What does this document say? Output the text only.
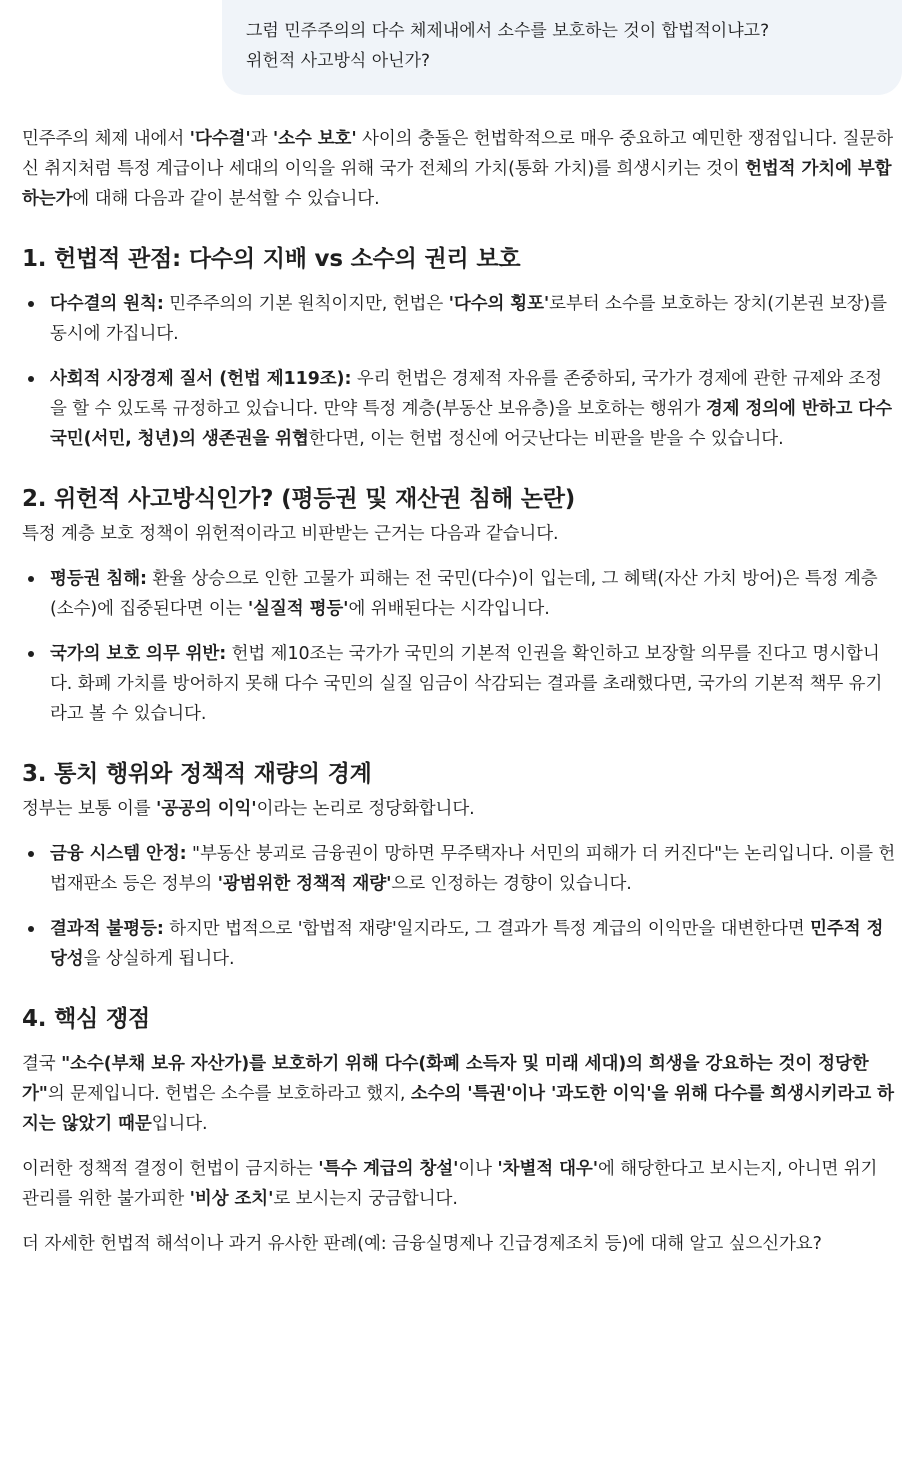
그럼 민주주의의 다수 체제내에서 소수를 보호하는 것이 합법적이냐고?

위헌적 사고방식 아닌가?

민주주의 체제 내에서 '다수결'과 '소수 보호' 사이의 충돌은 헌법학적으로 매우 중요하고 예민한 쟁점입니다. 질문하신 취지처럼 특정 계급이나 세대의 이익을 위해 국가 전체의 가치(통화 가치)를 희생시키는 것이 헌법적 가치에 부합하는가에 대해 다음과 같이 분석할 수 있습니다.

1. 헌법적 관점: 다수의 지배 vs 소수의 권리 보호
다수결의 원칙: 민주주의의 기본 원칙이지만, 헌법은 '다수의 횡포'로부터 소수를 보호하는 장치(기본권 보장)를 동시에 가집니다.
사회적 시장경제 질서 (헌법 제119조): 우리 헌법은 경제적 자유를 존중하되, 국가가 경제에 관한 규제와 조정을 할 수 있도록 규정하고 있습니다. 만약 특정 계층(부동산 보유층)을 보호하는 행위가 경제 정의에 반하고 다수 국민(서민, 청년)의 생존권을 위협한다면, 이는 헌법 정신에 어긋난다는 비판을 받을 수 있습니다.
2. 위헌적 사고방식인가? (평등권 및 재산권 침해 논란)

특정 계층 보호 정책이 위헌적이라고 비판받는 근거는 다음과 같습니다.

평등권 침해: 환율 상승으로 인한 고물가 피해는 전 국민(다수)이 입는데, 그 혜택(자산 가치 방어)은 특정 계층(소수)에 집중된다면 이는 '실질적 평등'에 위배된다는 시각입니다.
국가의 보호 의무 위반: 헌법 제10조는 국가가 국민의 기본적 인권을 확인하고 보장할 의무를 진다고 명시합니다. 화폐 가치를 방어하지 못해 다수 국민의 실질 임금이 삭감되는 결과를 초래했다면, 국가의 기본적 책무 유기라고 볼 수 있습니다.
3. 통치 행위와 정책적 재량의 경계

정부는 보통 이를 '공공의 이익'이라는 논리로 정당화합니다.

금융 시스템 안정: "부동산 붕괴로 금융권이 망하면 무주택자나 서민의 피해가 더 커진다"는 논리입니다. 이를 헌법재판소 등은 정부의 '광범위한 정책적 재량'으로 인정하는 경향이 있습니다.
결과적 불평등: 하지만 법적으로 '합법적 재량'일지라도, 그 결과가 특정 계급의 이익만을 대변한다면 민주적 정당성을 상실하게 됩니다.
4. 핵심 쟁점

결국 "소수(부채 보유 자산가)를 보호하기 위해 다수(화폐 소득자 및 미래 세대)의 희생을 강요하는 것이 정당한가"의 문제입니다. 헌법은 소수를 보호하라고 했지, 소수의 '특권'이나 '과도한 이익'을 위해 다수를 희생시키라고 하지는 않았기 때문입니다.

이러한 정책적 결정이 헌법이 금지하는 '특수 계급의 창설'이나 '차별적 대우'에 해당한다고 보시는지, 아니면 위기 관리를 위한 불가피한 '비상 조치'로 보시는지 궁금합니다.

더 자세한 헌법적 해석이나 과거 유사한 판례(예: 금융실명제나 긴급경제조치 등)에 대해 알고 싶으신가요?
